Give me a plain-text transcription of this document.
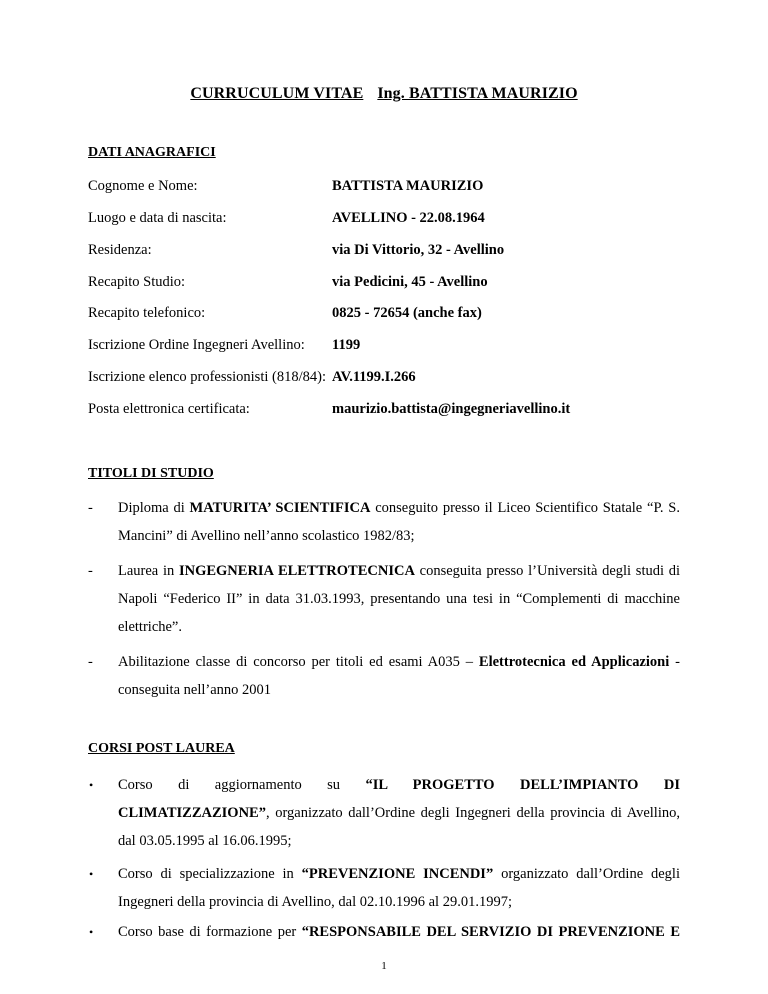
CURRUCULUM VITAE Ing. BATTISTA MAURIZIO
DATI ANAGRAFICI
Cognome e Nome:	BATTISTA MAURIZIO
Luogo e data di nascita:	AVELLINO - 22.08.1964
Residenza:	via Di Vittorio, 32 - Avellino
Recapito Studio:	via Pedicini, 45 - Avellino
Recapito telefonico:	0825 - 72654 (anche fax)
Iscrizione Ordine Ingegneri Avellino: 1199
Iscrizione elenco professionisti (818/84): AV.1199.I.266
Posta elettronica certificata:	maurizio.battista@ingegneriavellino.it
TITOLI DI STUDIO
- Diploma di MATURITA’ SCIENTIFICA conseguito presso il Liceo Scientifico Statale “P. S. Mancini” di Avellino nell’anno scolastico 1982/83;
- Laurea in INGEGNERIA ELETTROTECNICA conseguita presso l’Università degli studi di Napoli “Federico II” in data 31.03.1993, presentando una tesi in “Complementi di macchine elettriche”.
- Abilitazione classe di concorso per titoli ed esami A035 – Elettrotecnica ed Applicazioni - conseguita nell’anno 2001
CORSI POST LAUREA
• Corso di aggiornamento su “IL PROGETTO DELL’IMPIANTO DI CLIMATIZZAZIONE”, organizzato dall’Ordine degli Ingegneri della provincia di Avellino, dal 03.05.1995 al 16.06.1995;
• Corso di specializzazione in “PREVENZIONE INCENDI” organizzato dall’Ordine degli Ingegneri della provincia di Avellino, dal 02.10.1996 al 29.01.1997;
• Corso base di formazione per “RESPONSABILE DEL SERVIZIO DI PREVENZIONE E
1
